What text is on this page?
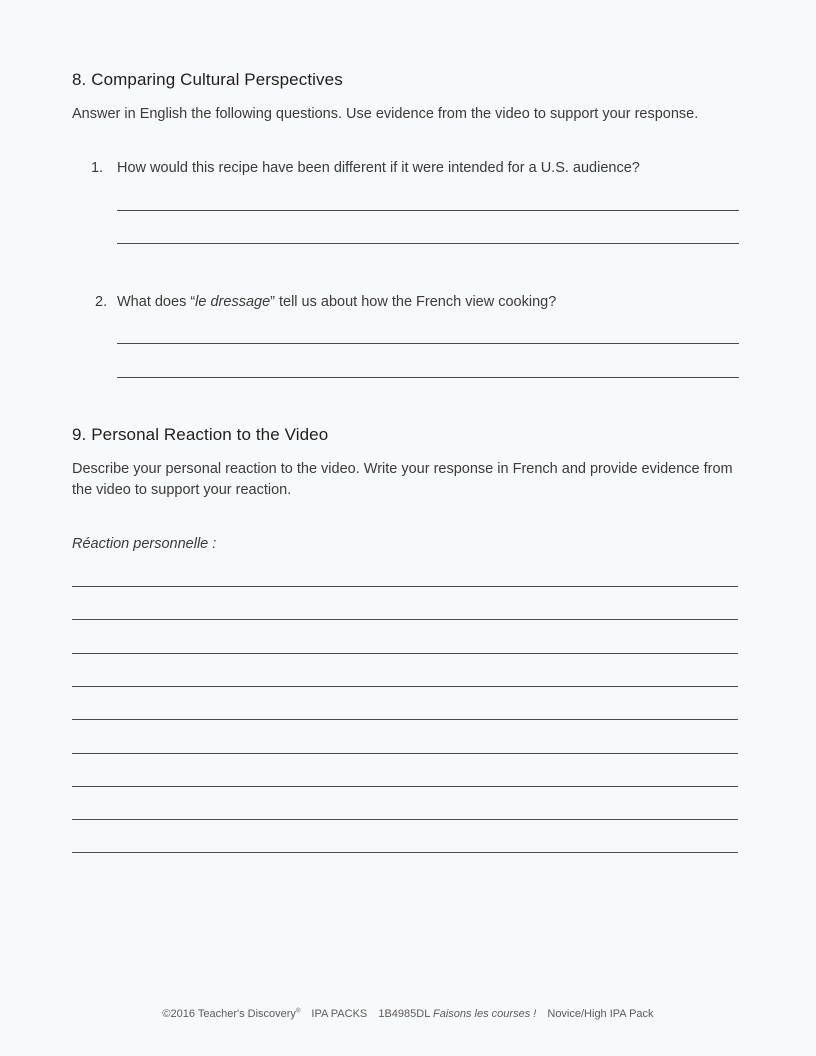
8. Comparing Cultural Perspectives

Answer in English the following questions. Use evidence from the video to support your response.

1. How would this recipe have been different if it were intended for a U.S. audience?
2. What does “le dressage” tell us about how the French view cooking?
9. Personal Reaction to the Video

Describe your personal reaction to the video. Write your response in French and provide evidence from the video to support your reaction.

Réaction personnelle :
©2016 Teacher's Discovery® IPA PACKS 1B4985DL Faisons les courses ! Novice/High IPA Pack
